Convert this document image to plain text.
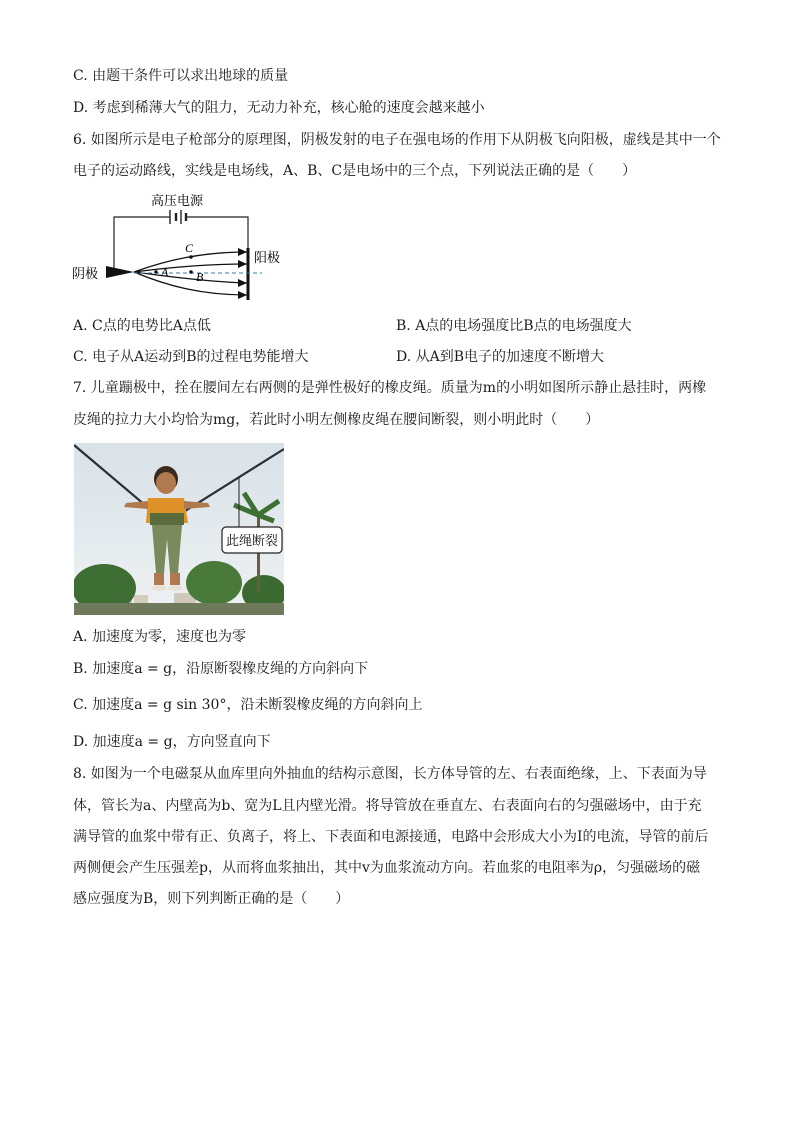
C. 由题干条件可以求出地球的质量
D. 考虑到稀薄大气的阻力，无动力补充，核心舱的速度会越来越小
6. 如图所示是电子枪部分的原理图，阴极发射的电子在强电场的作用下从阴极飞向阳极，虚线是其中一个
电子的运动路线，实线是电场线，A、B、C是电场中的三个点，下列说法正确的是（　　）
高压电源
阴极
阳极
A B
C
A. C点的电势比A点低	B. A点的电场强度比B点的电场强度大
C. 电子从A运动到B的过程电势能增大	D. 从A到B电子的加速度不断增大
7. 儿童蹦极中，拴在腰间左右两侧的是弹性极好的橡皮绳。质量为m的小明如图所示静止悬挂时，两橡
皮绳的拉力大小均恰为mg，若此时小明左侧橡皮绳在腰间断裂，则小明此时（　　）
此绳断裂
A. 加速度为零，速度也为零
B. 加速度a = g，沿原断裂橡皮绳的方向斜向下
C. 加速度a = g sin 30°，沿未断裂橡皮绳的方向斜向上
D. 加速度a = g，方向竖直向下
8. 如图为一个电磁泵从血库里向外抽血的结构示意图，长方体导管的左、右表面绝缘，上、下表面为导
体，管长为a、内壁高为b、宽为L且内壁光滑。将导管放在垂直左、右表面向右的匀强磁场中，由于充
满导管的血浆中带有正、负离子，将上、下表面和电源接通，电路中会形成大小为I的电流，导管的前后
两侧便会产生压强差p，从而将血浆抽出，其中v为血浆流动方向。若血浆的电阻率为ρ，匀强磁场的磁
感应强度为B，则下列判断正确的是（　　）
